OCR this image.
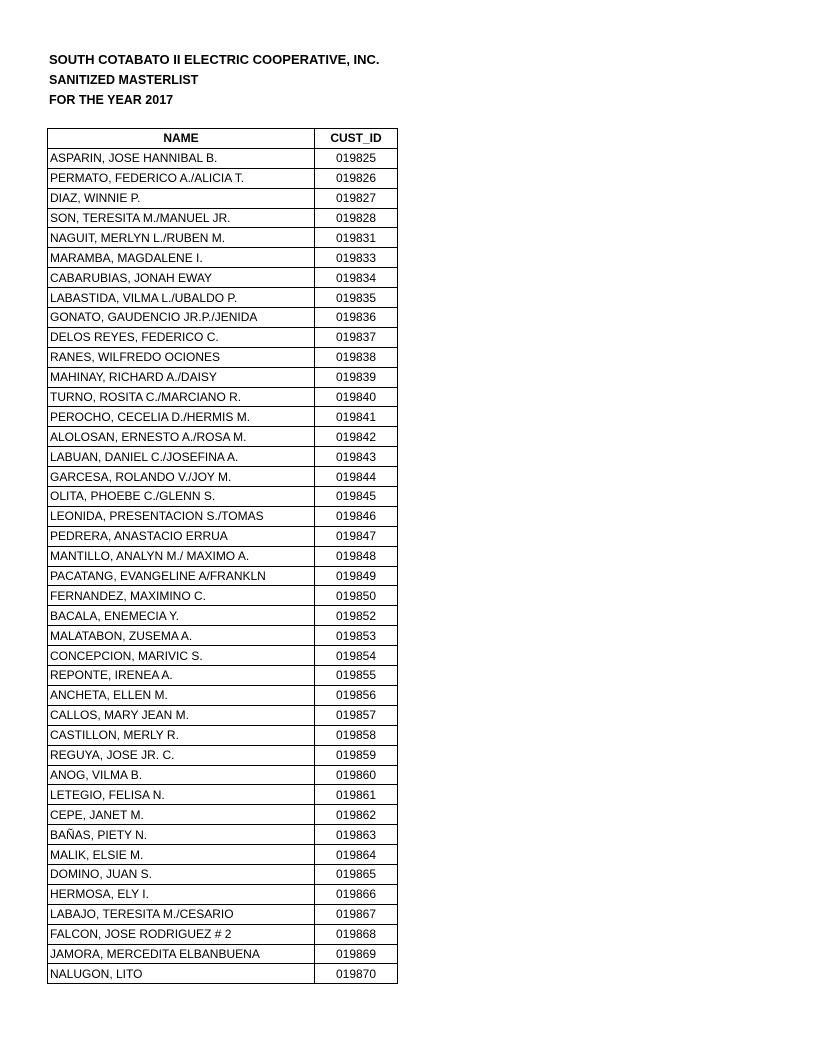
SOUTH COTABATO II ELECTRIC COOPERATIVE, INC.
SANITIZED MASTERLIST
FOR THE YEAR 2017
NAME	CUST_ID
ASPARIN, JOSE HANNIBAL B.	019825
PERMATO, FEDERICO A./ALICIA T.	019826
DIAZ, WINNIE P.	019827
SON, TERESITA M./MANUEL JR.	019828
NAGUIT, MERLYN L./RUBEN M.	019831
MARAMBA, MAGDALENE I.	019833
CABARUBIAS, JONAH EWAY	019834
LABASTIDA, VILMA L./UBALDO P.	019835
GONATO, GAUDENCIO JR.P./JENIDA	019836
DELOS REYES, FEDERICO C.	019837
RANES, WILFREDO OCIONES	019838
MAHINAY, RICHARD A./DAISY	019839
TURNO, ROSITA C./MARCIANO R.	019840
PEROCHO, CECELIA D./HERMIS M.	019841
ALOLOSAN, ERNESTO A./ROSA M.	019842
LABUAN, DANIEL C./JOSEFINA A.	019843
GARCESA, ROLANDO V./JOY M.	019844
OLITA, PHOEBE C./GLENN S.	019845
LEONIDA, PRESENTACION S./TOMAS	019846
PEDRERA, ANASTACIO ERRUA	019847
MANTILLO, ANALYN M./ MAXIMO A.	019848
PACATANG, EVANGELINE A/FRANKLN	019849
FERNANDEZ, MAXIMINO C.	019850
BACALA, ENEMECIA Y.	019852
MALATABON, ZUSEMA A.	019853
CONCEPCION, MARIVIC S.	019854
REPONTE, IRENEA A.	019855
ANCHETA, ELLEN M.	019856
CALLOS, MARY JEAN M.	019857
CASTILLON, MERLY R.	019858
REGUYA, JOSE JR. C.	019859
ANOG, VILMA B.	019860
LETEGIO, FELISA N.	019861
CEPE, JANET M.	019862
BAÑAS, PIETY N.	019863
MALIK, ELSIE M.	019864
DOMINO, JUAN S.	019865
HERMOSA, ELY I.	019866
LABAJO, TERESITA M./CESARIO	019867
FALCON, JOSE RODRIGUEZ # 2	019868
JAMORA, MERCEDITA ELBANBUENA	019869
NALUGON, LITO	019870
